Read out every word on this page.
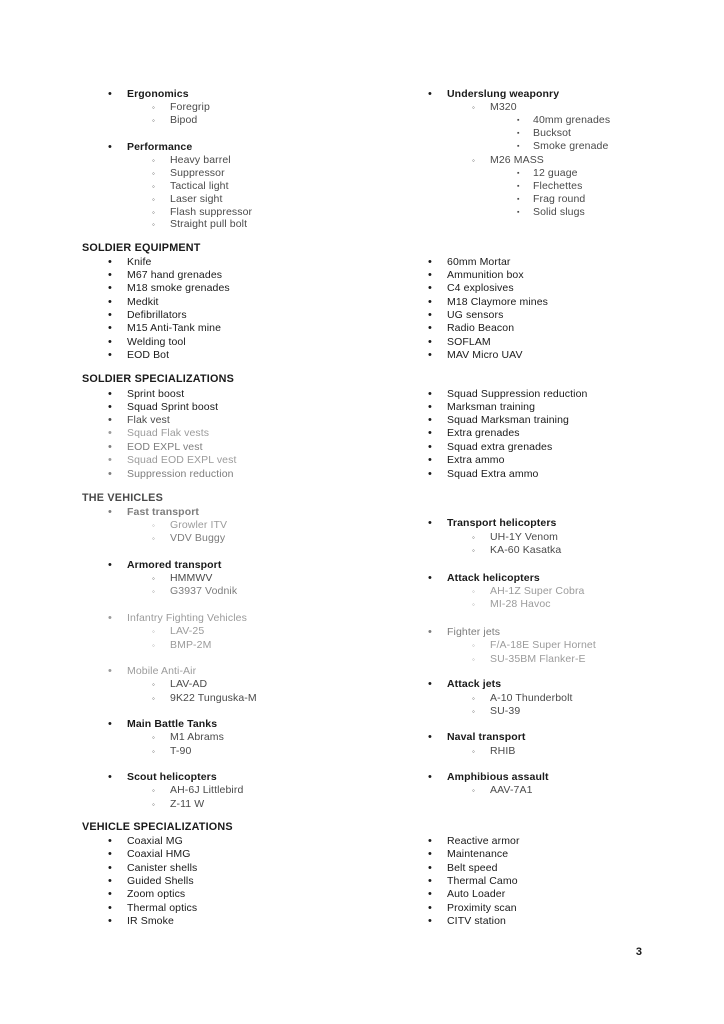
• Ergonomics
◦ Foregrip
◦ Bipod
• Performance
◦ Heavy barrel
◦ Suppressor
◦ Tactical light
◦ Laser sight
◦ Flash suppressor
◦ Straight pull bolt
SOLDIER EQUIPMENT
• Knife
• M67 hand grenades
• M18 smoke grenades
• Medkit
• Defibrillators
• M15 Anti-Tank mine
• Welding tool
• EOD Bot
SOLDIER SPECIALIZATIONS
• Sprint boost
• Squad Sprint boost
• Flak vest
• Squad Flak vests
• EOD EXPL vest
• Squad EOD EXPL vest
• Suppression reduction
THE VEHICLES
• Fast transport
◦ Growler ITV
◦ VDV Buggy
• Armored transport
◦ HMMWV
◦ G3937 Vodnik
• Infantry Fighting Vehicles
◦ LAV-25
◦ BMP-2M
• Mobile Anti-Air
◦ LAV-AD
◦ 9K22 Tunguska-M
• Main Battle Tanks
◦ M1 Abrams
◦ T-90
• Scout helicopters
◦ AH-6J Littlebird
◦ Z-11 W
VEHICLE SPECIALIZATIONS
• Coaxial MG
• Coaxial HMG
• Canister shells
• Guided Shells
• Zoom optics
• Thermal optics
• IR Smoke
• Underslung weaponry
◦ M320
▪ 40mm grenades
▪ Bucksot
▪ Smoke grenade
◦ M26 MASS
▪ 12 guage
▪ Flechettes
▪ Frag round
▪ Solid slugs
• 60mm Mortar
• Ammunition box
• C4 explosives
• M18 Claymore mines
• UG sensors
• Radio Beacon
• SOFLAM
• MAV Micro UAV
• Squad Suppression reduction
• Marksman training
• Squad Marksman training
• Extra grenades
• Squad extra grenades
• Extra ammo
• Squad Extra ammo
• Transport helicopters
◦ UH-1Y Venom
◦ KA-60 Kasatka
• Attack helicopters
◦ AH-1Z Super Cobra
◦ MI-28 Havoc
• Fighter jets
◦ F/A-18E Super Hornet
◦ SU-35BM Flanker-E
• Attack jets
◦ A-10 Thunderbolt
◦ SU-39
• Naval transport
◦ RHIB
• Amphibious assault
◦ AAV-7A1
• Reactive armor
• Maintenance
• Belt speed
• Thermal Camo
• Auto Loader
• Proximity scan
• CITV station
3
